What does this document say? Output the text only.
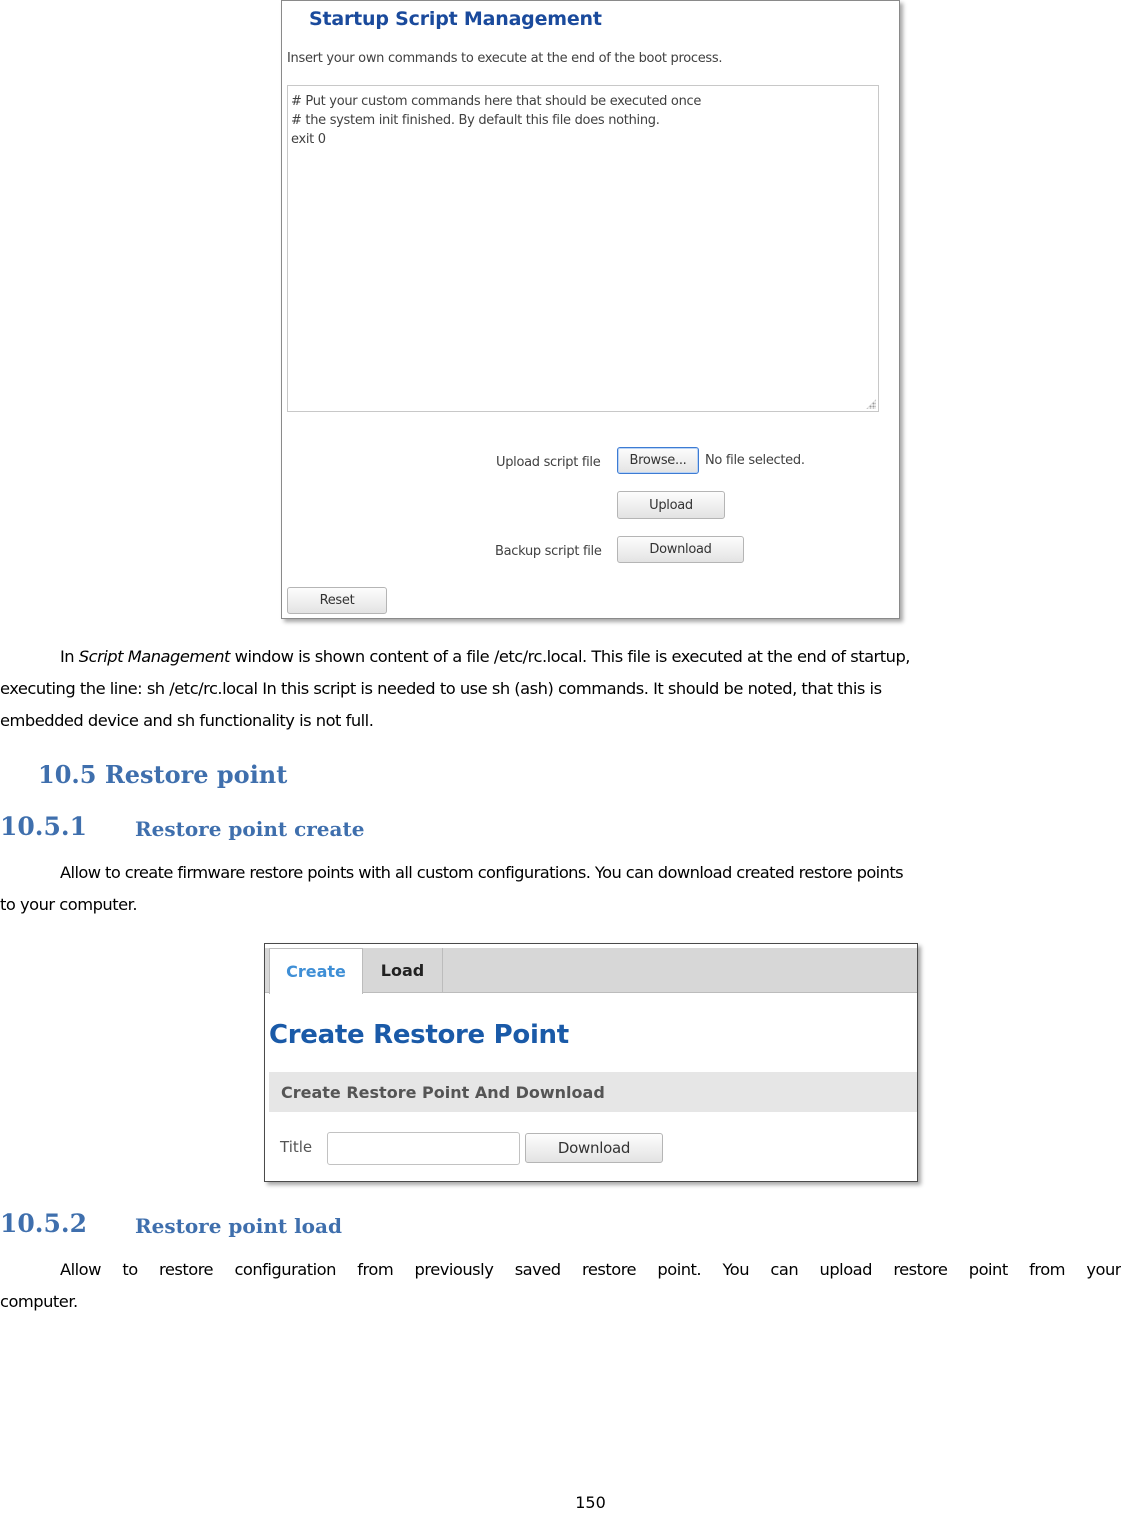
Startup Script Management
Insert your own commands to execute at the end of the boot process.
# Put your custom commands here that should be executed once
# the system init finished. By default this file does nothing.
exit 0
Upload script file	Browse...	No file selected.
Upload
Backup script file	Download
Reset

In Script Management window is shown content of a file /etc/rc.local. This file is executed at the end of startup,

executing the line: sh /etc/rc.local In this script is needed to use sh (ash) commands. It should be noted, that this is

embedded device and sh functionality is not full.

10.5 Restore point
10.5.1 Restore point create

Allow to create firmware restore points with all custom configurations. You can download created restore points

to your computer.

Create	Load
Create Restore Point
Create Restore Point And Download
Title	Download
10.5.2 Restore point load

Allow to restore configuration from previously saved restore point. You can upload restore point from your

computer.

150
